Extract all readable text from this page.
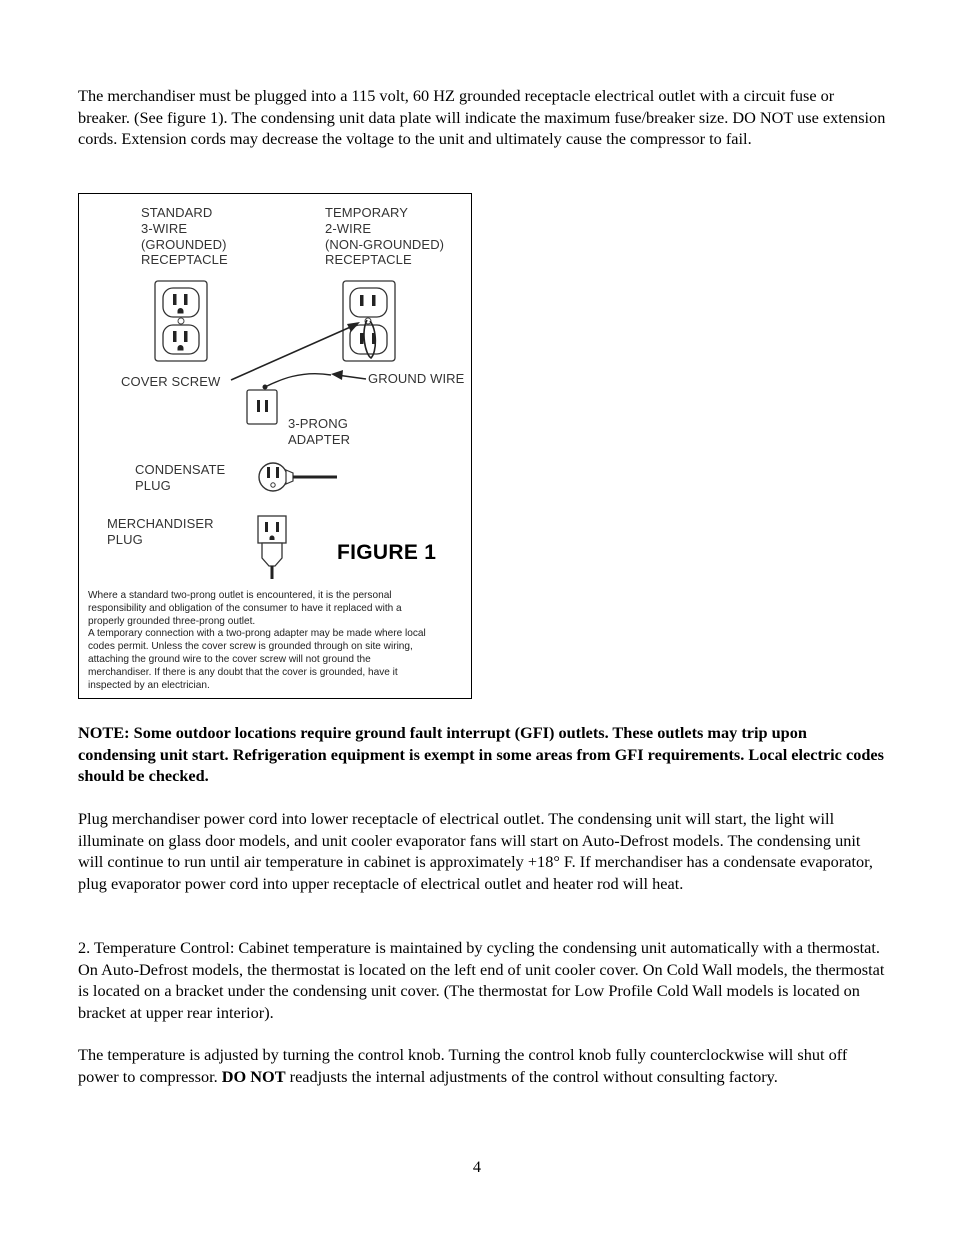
The merchandiser must be plugged into a 115 volt, 60 HZ grounded receptacle electrical outlet with a circuit fuse or breaker. (See figure 1). The condensing unit data plate will indicate the maximum fuse/breaker size. DO NOT use extension cords. Extension cords may decrease the voltage to the unit and ultimately cause the compressor to fail.

STANDARD
3-WIRE
(GROUNDED)
RECEPTACLE

TEMPORARY
2-WIRE
(NON-GROUNDED)
RECEPTACLE

COVER SCREW	GROUND WIRE

3-PRONG
ADAPTER

CONDENSATE
PLUG

MERCHANDISER
PLUG

FIGURE 1

Where a standard two-prong outlet is encountered, it is the personal
responsibility and obligation of the consumer to have it replaced with a
properly grounded three-prong outlet.
A temporary connection with a two-prong adapter may be made where local
codes permit. Unless the cover screw is grounded through on site wiring,
attaching the ground wire to the cover screw will not ground the
merchandiser. If there is any doubt that the cover is grounded, have it
inspected by an electrician.

NOTE: Some outdoor locations require ground fault interrupt (GFI) outlets. These outlets may trip upon condensing unit start. Refrigeration equipment is exempt in some areas from GFI requirements. Local electric codes should be checked.

Plug merchandiser power cord into lower receptacle of electrical outlet. The condensing unit will start, the light will illuminate on glass door models, and unit cooler evaporator fans will start on Auto-Defrost models. The condensing unit will continue to run until air temperature in cabinet is approximately +18° F. If merchandiser has a condensate evaporator, plug evaporator power cord into upper receptacle of electrical outlet and heater rod will heat.

2. Temperature Control: Cabinet temperature is maintained by cycling the condensing unit automatically with a thermostat. On Auto-Defrost models, the thermostat is located on the left end of unit cooler cover. On Cold Wall models, the thermostat is located on a bracket under the condensing unit cover. (The thermostat for Low Profile Cold Wall models is located on bracket at upper rear interior).

The temperature is adjusted by turning the control knob. Turning the control knob fully counterclockwise will shut off power to compressor. DO NOT readjusts the internal adjustments of the control without consulting factory.

4
